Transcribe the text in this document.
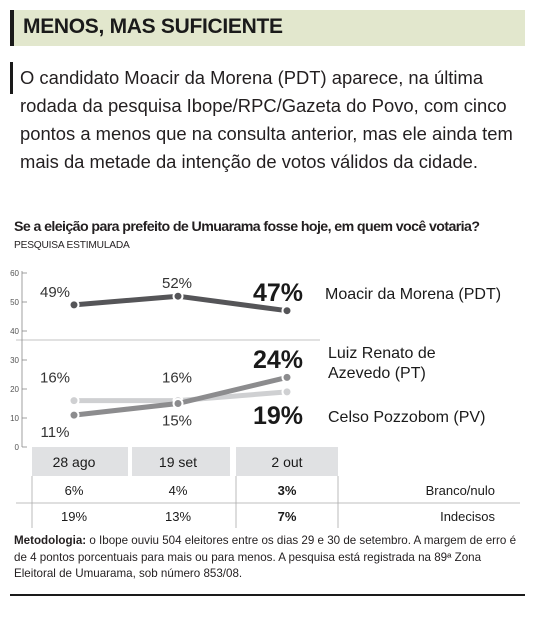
MENOS, MAS SUFICIENTE

O candidato Moacir da Morena (PDT) aparece, na última rodada da pesquisa Ibope/RPC/Gazeta do Povo, com cinco pontos a menos que na consulta anterior, mas ele ainda tem mais da metade da intenção de votos válidos da cidade.

Se a eleição para prefeito de Umuarama fosse hoje, em quem você votaria?
PESQUISA ESTIMULADA
0
10
20
30
40
50
60
28 ago	19 set	2 out
49%
52% 47% Moacir da Morena (PDT)
11%
15%
24% Luiz Renato de
Azevedo (PT)
16%	16%
19% Celso Pozzobom (PV)
6%	4%	3%	Branco/nulo
19%	13%	7%	Indecisos

Metodologia: o Ibope ouviu 504 eleitores entre os dias 29 e 30 de setembro. A margem de erro é de 4 pontos porcentuais para mais ou para menos. A pesquisa está registrada na 89ª Zona Eleitoral de Umuarama, sob número 853/08.
